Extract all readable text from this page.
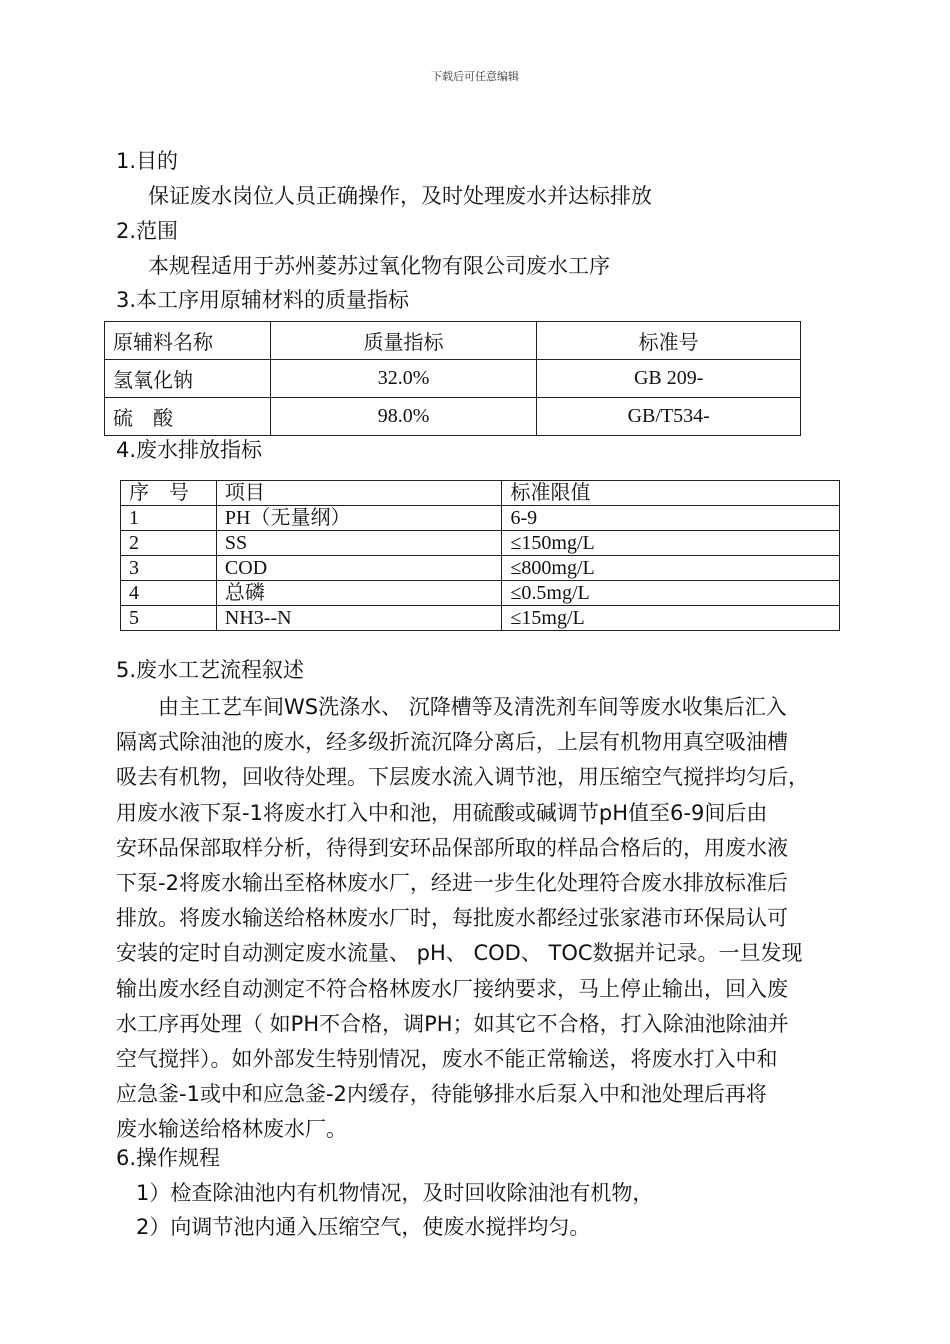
下载后可任意编辑
1.目的
保证废水岗位人员正确操作，及时处理废水并达标排放
2.范围
本规程适用于苏州菱苏过氧化物有限公司废水工序
3.本工序用原辅材料的质量指标
原辅料名称	质量指标	标准号
氢氧化钠	32.0%	GB 209-
硫　酸	98.0%	GB/T534-
4.废水排放指标
序　号	项目	标准限值
1	PH（无量纲）	6-9
2	SS	≤150mg/L
3	COD	≤800mg/L
4	总磷	≤0.5mg/L
5	NH3--N	≤15mg/L
5.废水工艺流程叙述
　　由主工艺车间WS洗涤水、 沉降槽等及清洗剂车间等废水收集后汇入
隔离式除油池的废水，经多级折流沉降分离后，上层有机物用真空吸油槽
吸去有机物，回收待处理。下层废水流入调节池，用压缩空气搅拌均匀后，
用废水液下泵-1将废水打入中和池，用硫酸或碱调节pH值至6-9间后由
安环品保部取样分析，待得到安环品保部所取的样品合格后的，用废水液
下泵-2将废水输出至格林废水厂，经进一步生化处理符合废水排放标准后
排放。将废水输送给格林废水厂时，每批废水都经过张家港市环保局认可
安装的定时自动测定废水流量、 pH、 COD、 TOC数据并记录。一旦发现
输出废水经自动测定不符合格林废水厂接纳要求，马上停止输出，回入废
水工序再处理（ 如PH不合格，调PH；如其它不合格，打入除油池除油并
空气搅拌）。如外部发生特别情况，废水不能正常输送，将废水打入中和
应急釜-1或中和应急釜-2内缓存，待能够排水后泵入中和池处理后再将
废水输送给格林废水厂。
6.操作规程
1）检查除油池内有机物情况，及时回收除油池有机物，
2）向调节池内通入压缩空气，使废水搅拌均匀。
